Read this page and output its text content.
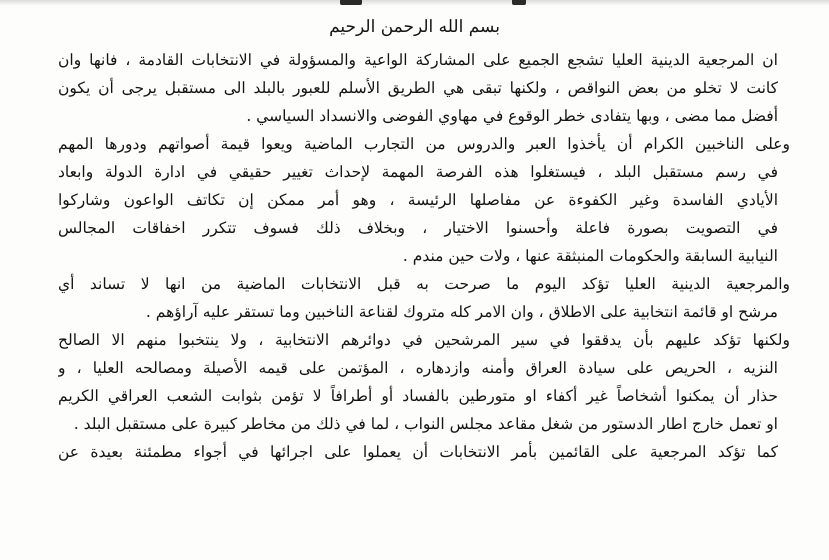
بسم الله الرحمن الرحيم
ان المرجعية الدينية العليا تشجع الجميع على المشاركة الواعية والمسؤولة في الانتخابات القادمة ، فانها وان
كانت لا تخلو من بعض النواقص ، ولكنها تبقى هي الطريق الأسلم للعبور بالبلد الى مستقبل يرجى أن يكون
أفضل مما مضى ، وبها يتفادى خطر الوقوع في مهاوي الفوضى والانسداد السياسي .
وعلى الناخبين الكرام أن يأخذوا العبر والدروس من التجارب الماضية ويعوا قيمة أصواتهم ودورها المهم
في رسم مستقبل البلد ، فيستغلوا هذه الفرصة المهمة لإحداث تغيير حقيقي في ادارة الدولة وابعاد
الأيادي الفاسدة وغير الكفوءة عن مفاصلها الرئيسة ، وهو أمر ممكن إن تكاتف الواعون وشاركوا
في التصويت بصورة فاعلة وأحسنوا الاختيار ، وبخلاف ذلك فسوف تتكرر اخفاقات المجالس
النيابية السابقة والحكومات المنبثقة عنها ، ولات حين مندم .
والمرجعية الدينية العليا تؤكد اليوم ما صرحت به قبل الانتخابات الماضية من انها لا تساند أي
مرشح او قائمة انتخابية على الاطلاق ، وان الامر كله متروك لقناعة الناخبين وما تستقر عليه آراؤهم .
ولكنها تؤكد عليهم بأن يدققوا في سير المرشحين في دوائرهم الانتخابية ، ولا ينتخبوا منهم الا الصالح
النزيه ، الحريص على سيادة العراق وأمنه وازدهاره ، المؤتمن على قيمه الأصيلة ومصالحه العليا ، و
حذار أن يمكنوا أشخاصاً غير أكفاء او متورطين بالفساد أو أطرافاً لا تؤمن بثوابت الشعب العراقي الكريم
او تعمل خارج اطار الدستور من شغل مقاعد مجلس النواب ، لما في ذلك من مخاطر كبيرة على مستقبل البلد .
كما تؤكد المرجعية على القائمين بأمر الانتخابات أن يعملوا على اجرائها في أجواء مطمئنة بعيدة عن
